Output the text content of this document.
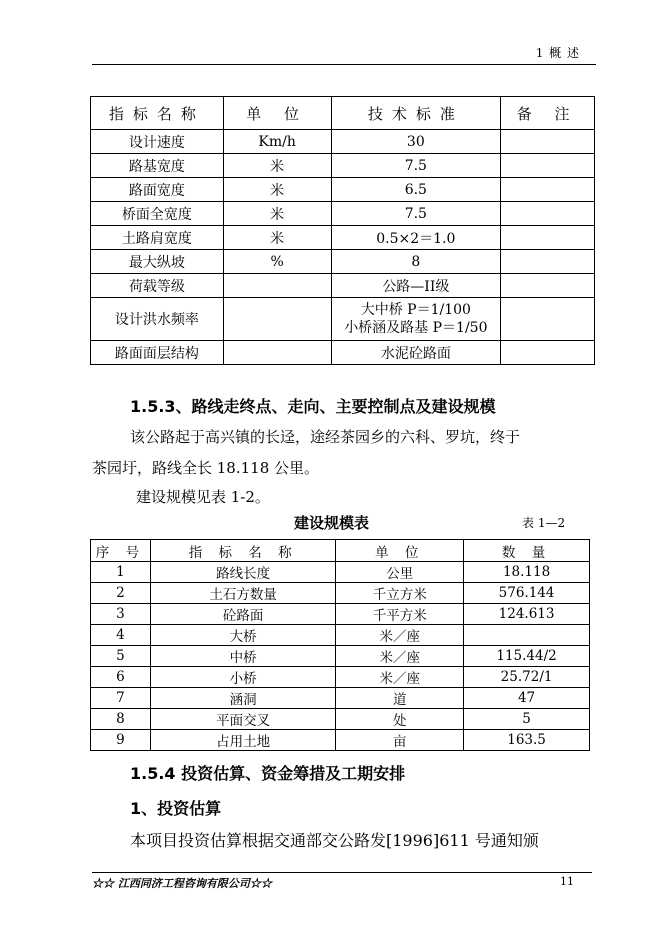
1 概 述
指标名称	单 位	技术标准	备 注
设计速度	Km/h	30	
路基宽度	米	7.5	
路面宽度	米	6.5	
桥面全宽度	米	7.5	
土路肩宽度	米	0.5×2＝1.0	
最大纵坡	%	8	
荷载等级		公路—II级	
设计洪水频率		大中桥 P＝1/100
小桥涵及路基 P＝1/50	

路面面层结构		水泥砼路面	
1.5.3、路线走终点、走向、主要控制点及建设规模
该公路起于高兴镇的长迳，途经茶园乡的六科、罗坑，终于
茶园圩，路线全长 18.118 公里。
建设规模见表 1-2。
建设规模表	表 1—2
序 号	指 标 名 称	单 位	数 量
1	路线长度	公里	18.118
2	土石方数量	千立方米	576.144
3	砼路面	千平方米	124.613
4	大桥	米／座	
5	中桥	米／座	115.44/2
6	小桥	米／座	25.72/1
7	涵洞	道	47
8	平面交叉	处	5
9	占用土地	亩	163.5
1.5.4 投资估算、资金筹措及工期安排
1、投资估算
本项目投资估算根据交通部交公路发[1996]611 号通知颁
☆☆ 江西同济工程咨询有限公司☆☆	11
